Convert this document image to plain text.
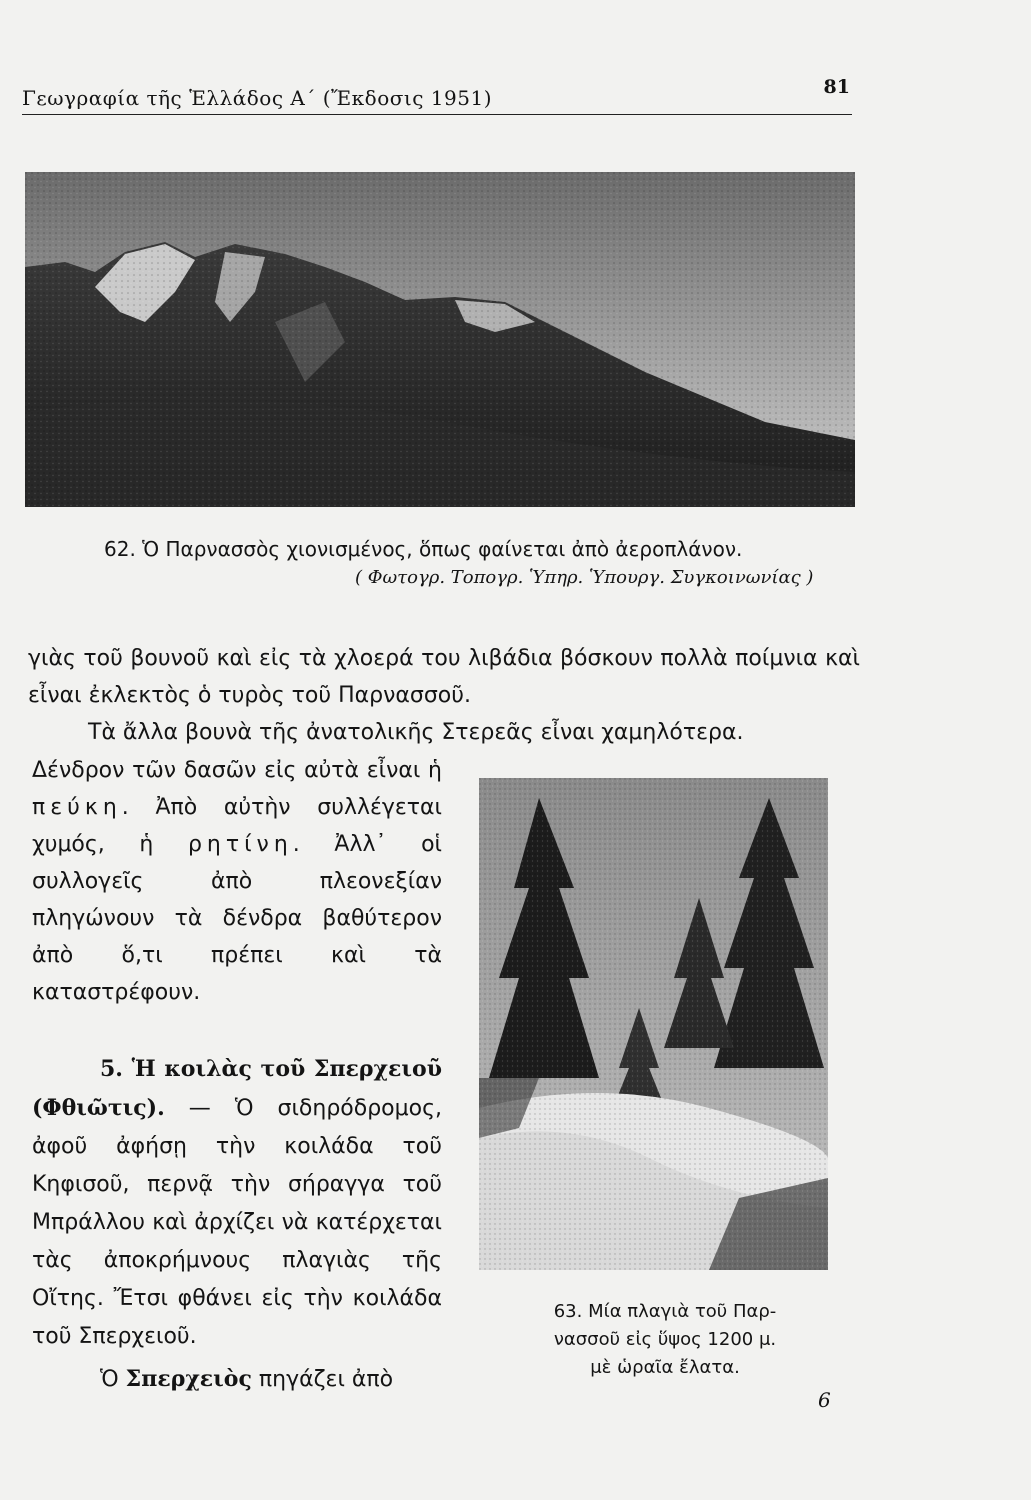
Γεωγραφία τῆς Ἑλλάδος Α΄ (Ἔκδοσις 1951)	81
62. Ὁ Παρνασσὸς χιονισμένος, ὅπως φαίνεται ἀπὸ ἀεροπλάνον.
( Φωτογρ. Τοπογρ. Ὑπηρ. Ὑπουργ. Συγκοινωνίας )

γιὰς τοῦ βουνοῦ καὶ εἰς τὰ χλοερά του λιβάδια βόσκουν πολλὰ ποίμνια καὶ εἶναι ἐκλεκτὸς ὁ τυρὸς τοῦ Παρνασσοῦ.

Τὰ ἄλλα βουνὰ τῆς ἀνατολικῆς Στερεᾶς εἶναι χαμηλότερα.

Δένδρον τῶν δασῶν εἰς αὐτὰ εἶναι ἡ πεύκη. Ἀπὸ αὐτὴν συλλέγεται χυμός, ἡ ρητίνη. Ἀλλ᾽ οἱ συλλογεῖς ἀπὸ πλεονεξίαν πληγώνουν τὰ δένδρα βαθύτερον ἀπὸ ὅ,τι πρέπει καὶ τὰ καταστρέφουν.

5. Ἡ κοιλὰς τοῦ Σπερχειοῦ (Φθιῶτις). — Ὁ σιδηρόδρομος, ἀφοῦ ἀφήσῃ τὴν κοιλάδα τοῦ Κηφισοῦ, περνᾷ τὴν σήραγγα τοῦ Μπράλλου καὶ ἀρχίζει νὰ κατέρχεται τὰς ἀποκρήμνους πλαγιὰς τῆς Οἴτης. Ἔτσι φθάνει εἰς τὴν κοιλάδα τοῦ Σπερχειοῦ.

Ὁ Σπερχειὸς πηγάζει ἀπὸ
63. Μία πλαγιὰ τοῦ Παρ-
νασσοῦ εἰς ὕψος 1200 μ.
μὲ ὡραῖα ἔλατα.
6
